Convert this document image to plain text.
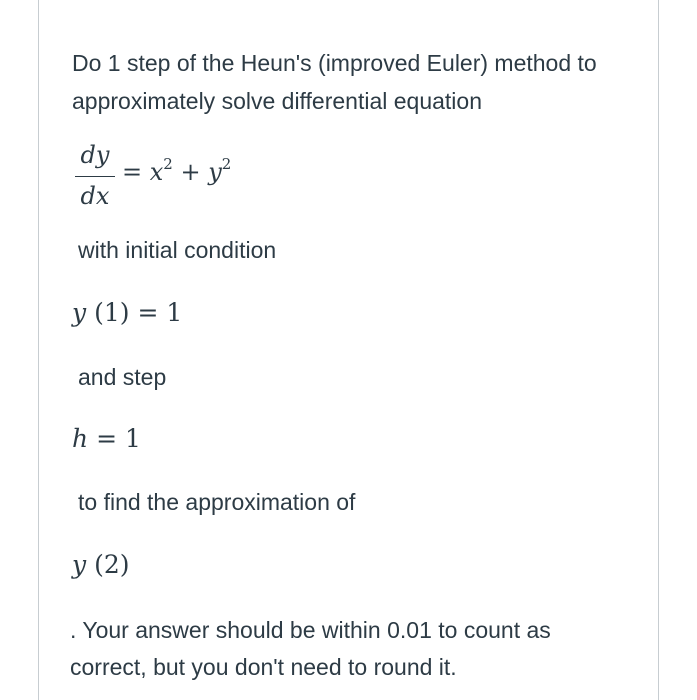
Do 1 step of the Heun's (improved Euler) method to
approximately solve differential equation
dy
dx
= $x^2 + y^2$
with initial condition
y (1) = 1
and step
h = 1
to find the approximation of
y (2)
. Your answer should be within 0.01 to count as
correct, but you don't need to round it.
